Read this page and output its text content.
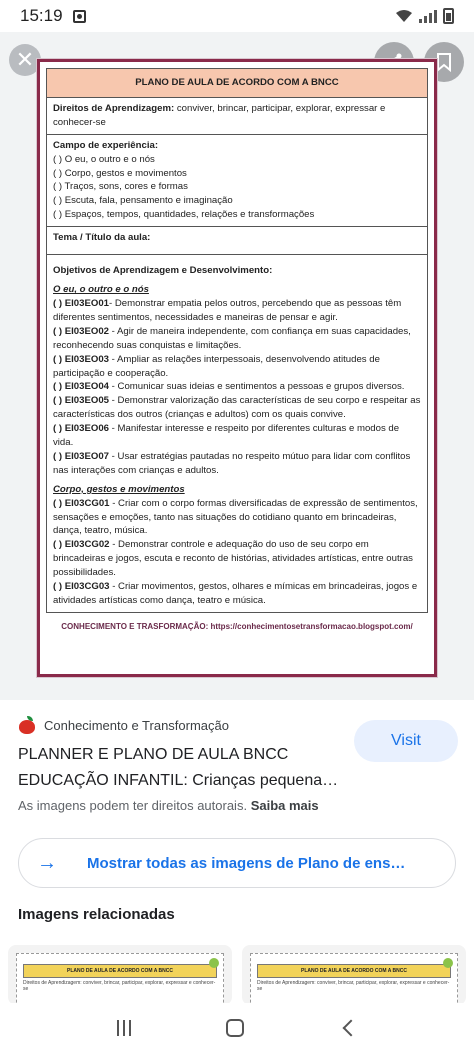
15:19
✕
PLANO DE AULA DE ACORDO COM A BNCC
Direitos de Aprendizagem: conviver, brincar, participar, explorar, expressar e conhecer-se
Campo de experiência:
( ) O eu, o outro e o nós
( ) Corpo, gestos e movimentos
( ) Traços, sons, cores e formas
( ) Escuta, fala, pensamento e imaginação
( ) Espaços, tempos, quantidades, relações e transformações
Tema / Título da aula:
Objetivos de Aprendizagem e Desenvolvimento:
O eu, o outro e o nós
( ) EI03EO01- Demonstrar empatia pelos outros, percebendo que as pessoas têm diferentes sentimentos, necessidades e maneiras de pensar e agir.
( ) EI03EO02 - Agir de maneira independente, com confiança em suas capacidades, reconhecendo suas conquistas e limitações.
( ) EI03EO03 - Ampliar as relações interpessoais, desenvolvendo atitudes de participação e cooperação.
( ) EI03EO04 - Comunicar suas ideias e sentimentos a pessoas e grupos diversos.
( ) EI03EO05 - Demonstrar valorização das características de seu corpo e respeitar as características dos outros (crianças e adultos) com os quais convive.
( ) EI03EO06 - Manifestar interesse e respeito por diferentes culturas e modos de vida.
( ) EI03EO07 - Usar estratégias pautadas no respeito mútuo para lidar com conflitos nas interações com crianças e adultos.
Corpo, gestos e movimentos
( ) EI03CG01 - Criar com o corpo formas diversificadas de expressão de sentimentos, sensações e emoções, tanto nas situações do cotidiano quanto em brincadeiras, dança, teatro, música.
( ) EI03CG02 - Demonstrar controle e adequação do uso de seu corpo em brincadeiras e jogos, escuta e reconto de histórias, atividades artísticas, entre outras possibilidades.
( ) EI03CG03 - Criar movimentos, gestos, olhares e mímicas em brincadeiras, jogos e atividades artísticas como dança, teatro e música.
CONHECIMENTO E TRASFORMAÇÃO: https://conhecimentosetransformacao.blogspot.com/
Conhecimento e Transformação
PLANNER E PLANO DE AULA BNCC
EDUCAÇÃO INFANTIL: Crianças pequena…
Visit
As imagens podem ter direitos autorais. Saiba mais
→ Mostrar todas as imagens de Plano de ens…
Imagens relacionadas
PLANO DE AULA DE ACORDO COM A BNCC
Direitos de Aprendizagem: conviver, brincar, participar, explorar, expressar e conhecer-se
PLANO DE AULA DE ACORDO COM A BNCC
Direitos de Aprendizagem: conviver, brincar, participar, explorar, expressar e conhecer-se
